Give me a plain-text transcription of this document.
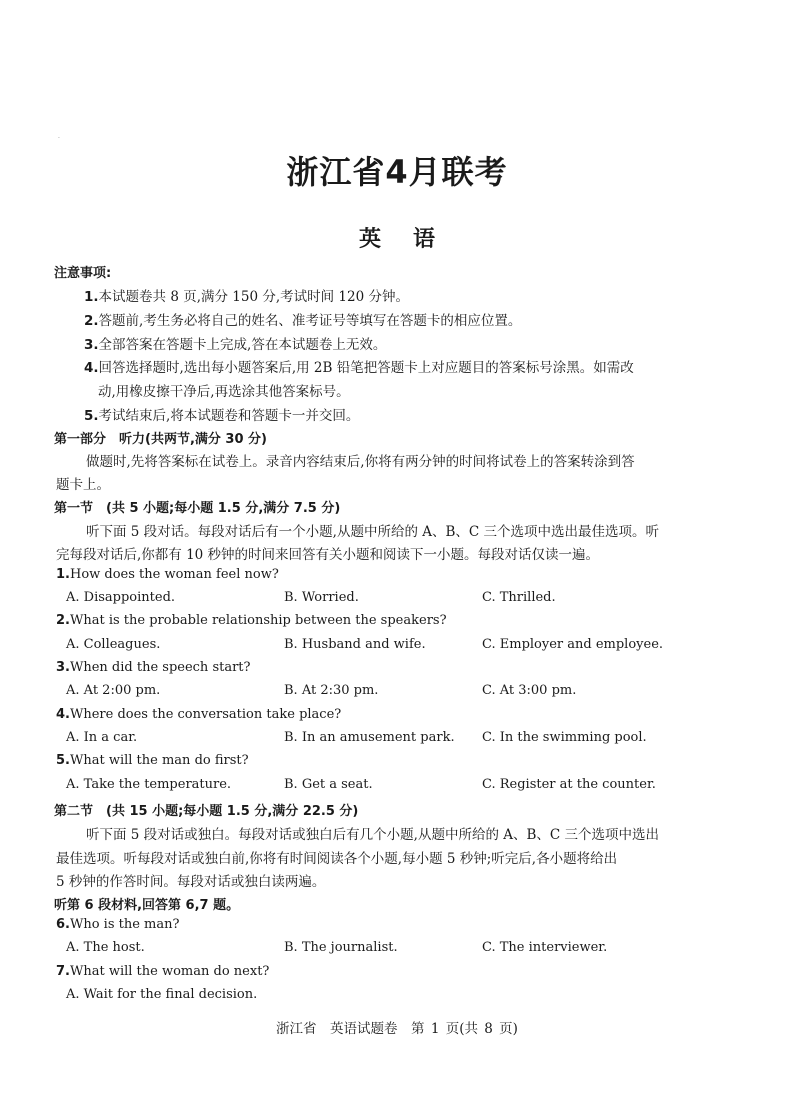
·
浙江省4月联考
英 语
注意事项:
1.本试题卷共 8 页,满分 150 分,考试时间 120 分钟。
2.答题前,考生务必将自己的姓名、准考证号等填写在答题卡的相应位置。
3.全部答案在答题卡上完成,答在本试题卷上无效。
4.回答选择题时,选出每小题答案后,用 2B 铅笔把答题卡上对应题目的答案标号涂黑。如需改
动,用橡皮擦干净后,再选涂其他答案标号。
5.考试结束后,将本试题卷和答题卡一并交回。
第一部分　听力(共两节,满分 30 分)
做题时,先将答案标在试卷上。录音内容结束后,你将有两分钟的时间将试卷上的答案转涂到答
题卡上。
第一节　(共 5 小题;每小题 1.5 分,满分 7.5 分)
听下面 5 段对话。每段对话后有一个小题,从题中所给的 A、B、C 三个选项中选出最佳选项。听
完每段对话后,你都有 10 秒钟的时间来回答有关小题和阅读下一小题。每段对话仅读一遍。
1.How does the woman feel now?
A. Disappointed.	B. Worried.	C. Thrilled.
2.What is the probable relationship between the speakers?
A. Colleagues.	B. Husband and wife.	C. Employer and employee.
3.When did the speech start?
A. At 2:00 pm.	B. At 2:30 pm.	C. At 3:00 pm.
4.Where does the conversation take place?
A. In a car.	B. In an amusement park. C. In the swimming pool.
5.What will the man do first?
A. Take the temperature.	B. Get a seat.	C. Register at the counter.
第二节　(共 15 小题;每小题 1.5 分,满分 22.5 分)
听下面 5 段对话或独白。每段对话或独白后有几个小题,从题中所给的 A、B、C 三个选项中选出
最佳选项。听每段对话或独白前,你将有时间阅读各个小题,每小题 5 秒钟;听完后,各小题将给出
5 秒钟的作答时间。每段对话或独白读两遍。
听第 6 段材料,回答第 6,7 题。
6.Who is the man?
A. The host.	B. The journalist.	C. The interviewer.
7.What will the woman do next?
A. Wait for the final decision.
浙江省　英语试题卷　第 1 页(共 8 页)
